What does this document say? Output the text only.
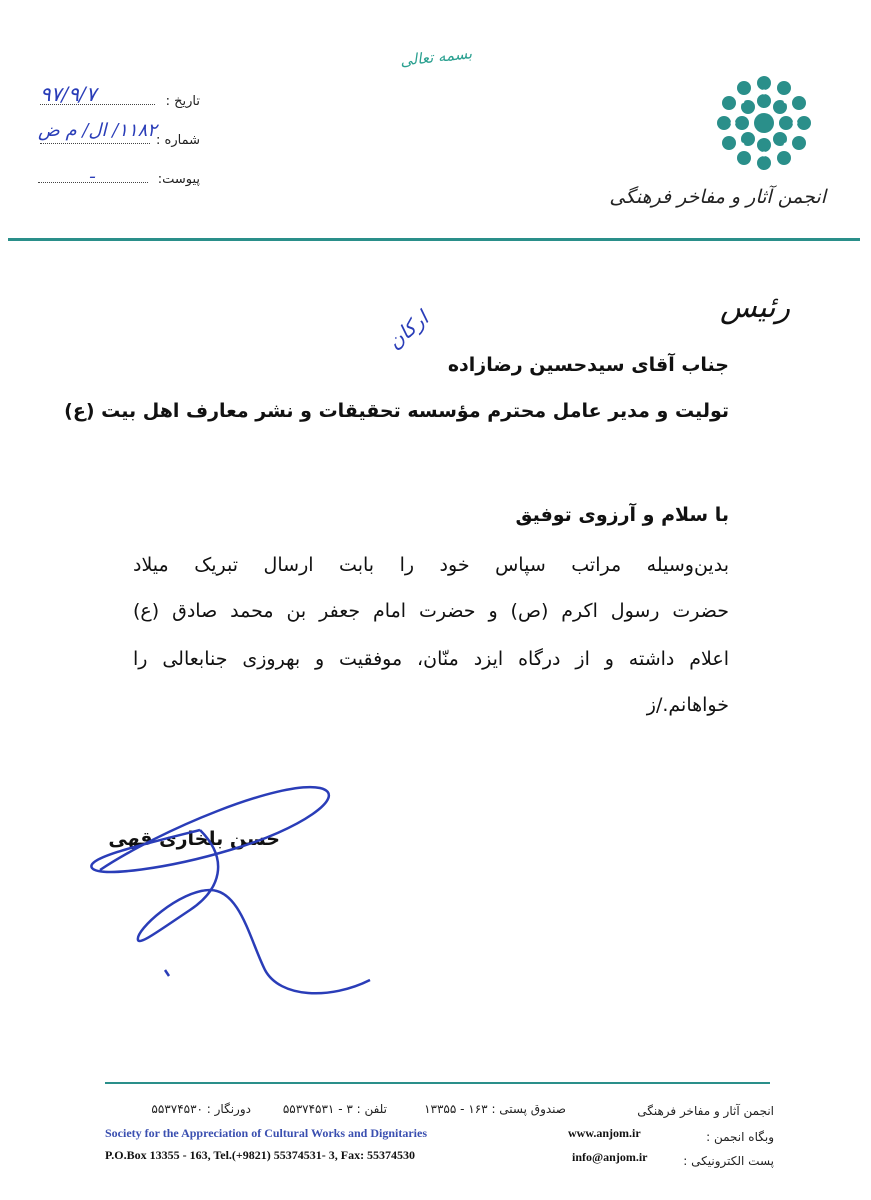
بسمه تعالی
انجمن آثار و مفاخر فرهنگی
تاریخ :
۹۷/۹/۷
شماره :
۱۱۸۲/ ال/ م ض
پیوست:
ـ
رئیس
ارکان
جناب آقای سیدحسین رضازاده
تولیت و مدیر عامل محترم مؤسسه تحقیقات و نشر معارف اهل بیت (ع)
با سلام و آرزوی توفیق
بدین‌وسیله مراتب سپاس خود را بابت ارسال تبریک میلاد
حضرت رسول اکرم (ص) و حضرت امام جعفر بن محمد صادق (ع)
اعلام داشته و از درگاه ایزد منّان، موفقیت و بهروزی جنابعالی را
خواهانم./ز
حسن بلخاری قهی
انجمن آثار و مفاخر فرهنگی
صندوق پستی : ۱۶۳ - ۱۳۳۵۵
تلفن : ۳ - ۵۵۳۷۴۵۳۱
دورنگار : ۵۵۳۷۴۵۳۰
وبگاه انجمن :
www.anjom.ir
پست الکترونیکی :
info@anjom.ir
Society for the Appreciation of Cultural Works and Dignitaries
P.O.Box 13355 - 163, Tel.(+9821) 55374531- 3, Fax: 55374530
